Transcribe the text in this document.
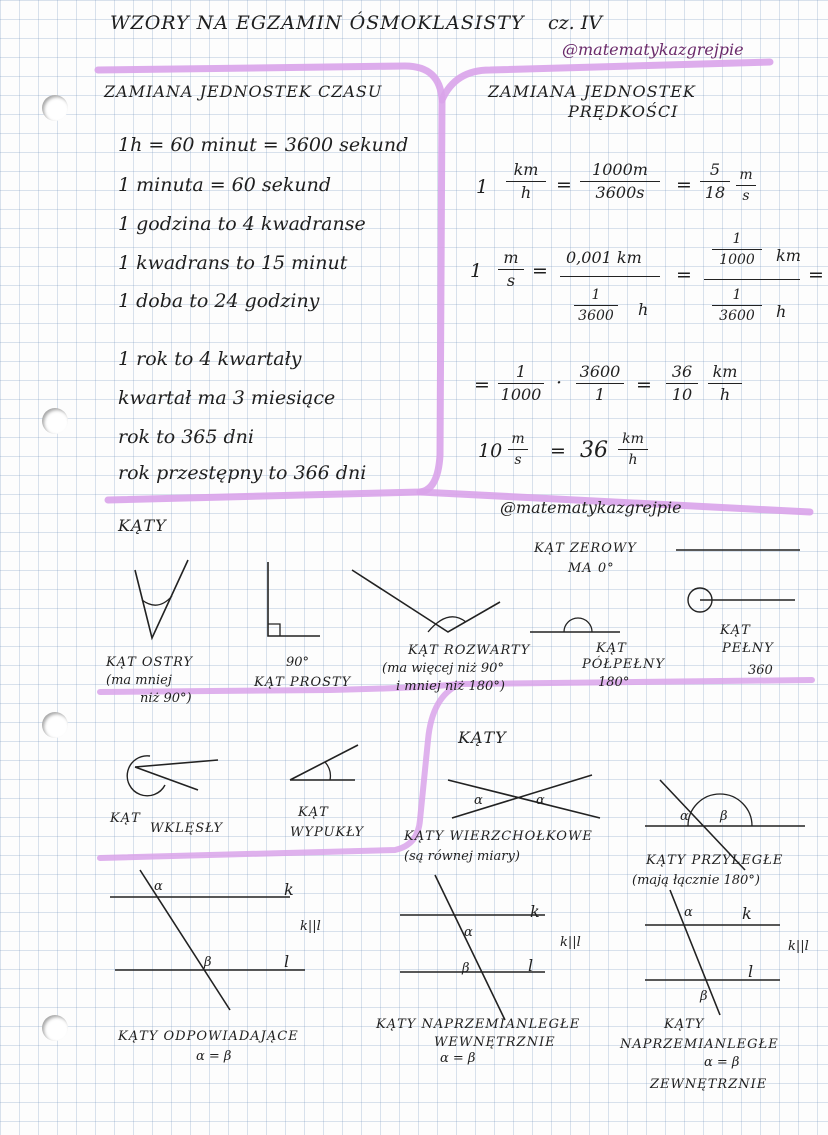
WZORY NA EGZAMIN ÓSMOKLASISTY cz. IV
@matematykazgrejpie
ZAMIANA JEDNOSTEK CZASU
1h = 60 minut = 3600 sekund
1 minuta = 60 sekund
1 godzina to 4 kwadranse
1 kwadrans to 15 minut
1 doba to 24 godziny
1 rok to 4 kwartały
kwartał ma 3 miesiące
rok to 365 dni
rok przestępny to 366 dni
ZAMIANA JEDNOSTEK
PRĘDKOŚCI
1
km
h	=
1000m
3600s	=
5
18
m
s
1
m
s =
0,001 km
1
3600 h
=
1
1000	km
1
3600	h
=
=
1
1000
·
3600
1	=
36
10
km
h
10
m
s	= 36 km
h
@matematykazgrejpie
KĄTY
KĄT ZEROWY
MA 0°
KĄT OSTRY
(ma mniej
niż 90°)
90°
KĄT PROSTY
KĄT ROZWARTY
(ma więcej niż 90°
i mniej niż 180°)
KĄT
PÓŁPEŁNY
180°
KĄT
PEŁNY
360
KĄT
WKLĘSŁY
KĄT
WYPUKŁY
KĄTY
α	α
KĄTY WIERZCHOŁKOWE
(są równej miary)
α β
KĄTY PRZYLEGŁE
(mają łącznie 180°)
α	k
k||l
β	l
KĄTY ODPOWIADAJĄCE
α = β
k
α
k||l
β	l
KĄTY NAPRZEMIANLEGŁE
WEWNĘTRZNIE
α = β
α	k
k||l
l
β
KĄTY
NAPRZEMIANLEGŁE
α = β
ZEWNĘTRZNIE
